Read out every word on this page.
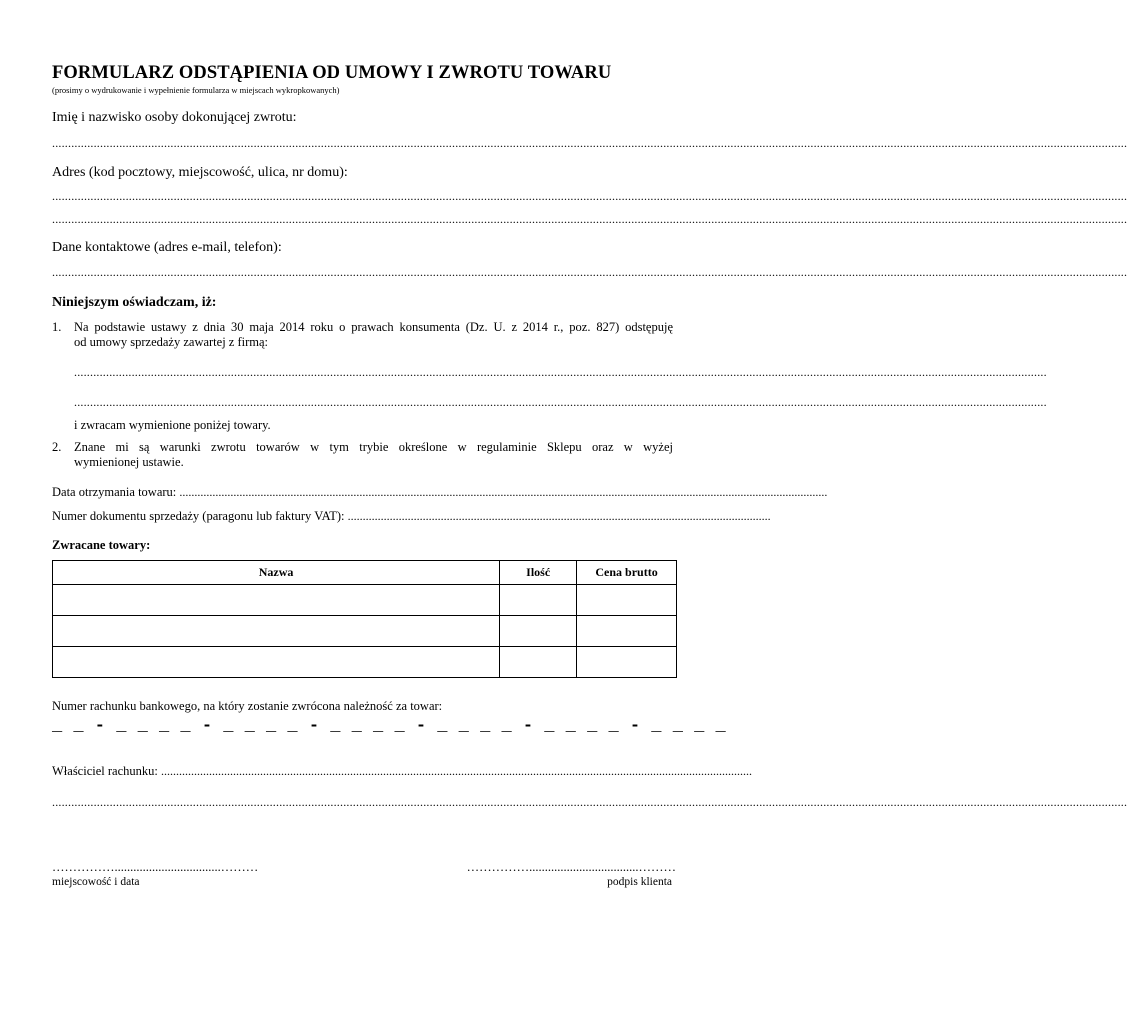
FORMULARZ ODSTĄPIENIA OD UMOWY I ZWROTU TOWARU
(prosimy o wydrukowanie i wypełnienie formularza w miejscach wykropkowanych)
Imię i nazwisko osoby dokonującej zwrotu:
.....
Adres (kod pocztowy, miejscowość, ulica, nr domu):
.....
.....
Dane kontaktowe (adres e-mail, telefon):
.....
Niniejszym oświadczam, iż:
1. Na podstawie ustawy z dnia 30 maja 2014 roku o prawach konsumenta (Dz. U. z 2014 r., poz. 827) odstępuję
od umowy sprzedaży zawartej z firmą:
.....
.....
i zwracam wymienione poniżej towary.
2. Znane mi są warunki zwrotu towarów w tym trybie określone w regulaminie Sklepu oraz w wyżej
wymienionej ustawie.
Data otrzymania towaru: ........................................................................................................................................................................................................................
Numer dokumentu sprzedaży (paragonu lub faktury VAT): .............................................................................................................................................
Zwracane towary:
Nazwa	Ilość	Cena brutto

Numer rachunku bankowego, na który zostanie zwrócona należność za towar:
_ _ - _ _ _ _ - _ _ _ _ - _ _ _ _ - _ _ _ _ - _ _ _ _ - _ _ _ _
Właściciel rachunku: .....................................................................................................................................................................................................
.....
……………..................................………
miejscowość i data
……………...................................………
podpis klienta
